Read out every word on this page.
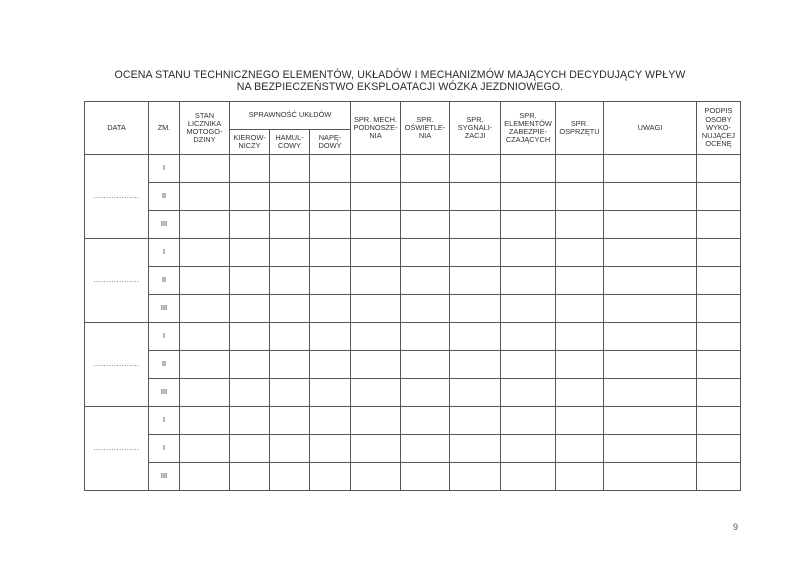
OCENA STANU TECHNICZNEGO ELEMENTÓW, UKŁADÓW I MECHANIZMÓW MAJĄCYCH DECYDUJĄCY WPŁYW
NA BEZPIECZEŃSTWO EKSPLOATACJI WÓZKA JEZDNIOWEGO.
DATA	ZM.	STAN LICZNIKA MOTOGO-DZINY	SPRAWNOŚĆ UKŁDÓW			SPR. MECH. PODNOSZE-NIA	SPR. OŚWIETLE-NIA	SPR. SYGNALI-ZACJI	SPR. ELEMENTÓW ZABEZPIE-CZAJĄCYCH	SPR. OSPRZĘTU	UWAGI	PODPIS OSOBY WYKO-NUJĄCEJ OCENĘ
			KIEROW-NICZY	HAMUL-COWY	NAPĘ-DOWY							
..................	I											
	II											
	III											
..................	I											
	II											
	III											
..................	I											
	II											
	III											
..................	I											
	I											
	III											
9
